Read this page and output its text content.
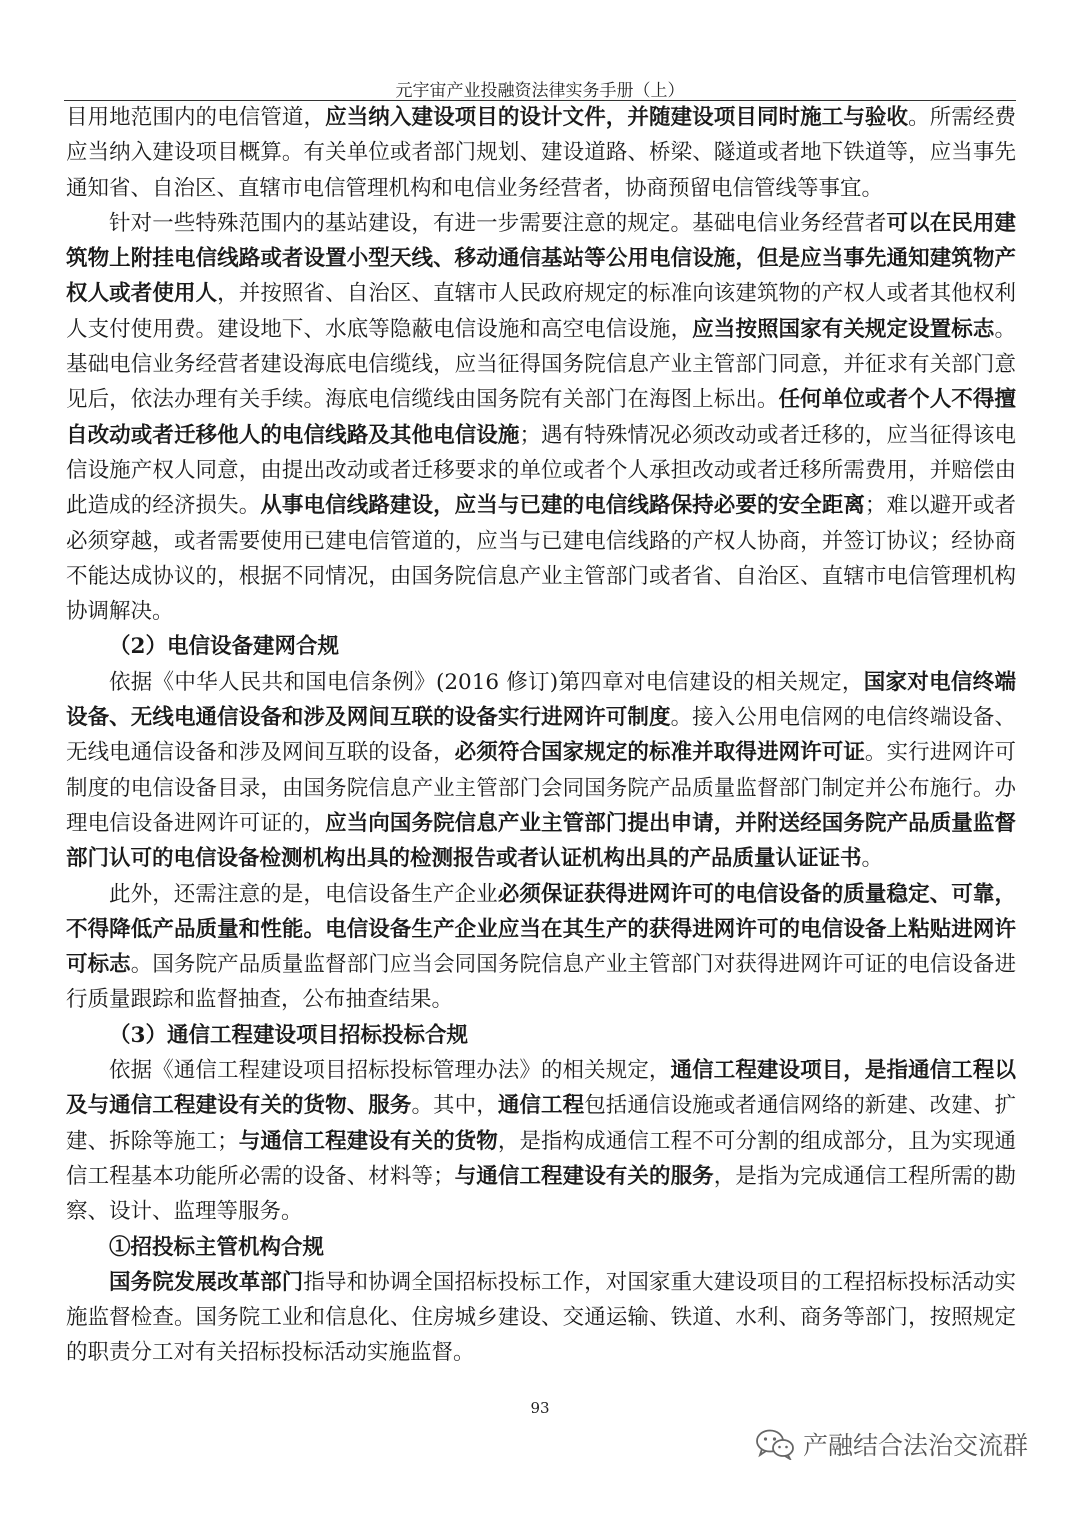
元宇宙产业投融资法律实务手册（上）

目用地范围内的电信管道，应当纳入建设项目的设计文件，并随建设项目同时施工与验收。所需经费应当纳入建设项目概算。有关单位或者部门规划、建设道路、桥梁、隧道或者地下铁道等，应当事先通知省、自治区、直辖市电信管理机构和电信业务经营者，协商预留电信管线等事宜。

针对一些特殊范围内的基站建设，有进一步需要注意的规定。基础电信业务经营者可以在民用建筑物上附挂电信线路或者设置小型天线、移动通信基站等公用电信设施，但是应当事先通知建筑物产权人或者使用人，并按照省、自治区、直辖市人民政府规定的标准向该建筑物的产权人或者其他权利人支付使用费。建设地下、水底等隐蔽电信设施和高空电信设施，应当按照国家有关规定设置标志。基础电信业务经营者建设海底电信缆线，应当征得国务院信息产业主管部门同意，并征求有关部门意见后，依法办理有关手续。海底电信缆线由国务院有关部门在海图上标出。任何单位或者个人不得擅自改动或者迁移他人的电信线路及其他电信设施；遇有特殊情况必须改动或者迁移的，应当征得该电信设施产权人同意，由提出改动或者迁移要求的单位或者个人承担改动或者迁移所需费用，并赔偿由此造成的经济损失。从事电信线路建设，应当与已建的电信线路保持必要的安全距离；难以避开或者必须穿越，或者需要使用已建电信管道的，应当与已建电信线路的产权人协商，并签订协议；经协商不能达成协议的，根据不同情况，由国务院信息产业主管部门或者省、自治区、直辖市电信管理机构协调解决。

（2）电信设备建网合规

依据《中华人民共和国电信条例》(2016 修订)第四章对电信建设的相关规定，国家对电信终端设备、无线电通信设备和涉及网间互联的设备实行进网许可制度。接入公用电信网的电信终端设备、无线电通信设备和涉及网间互联的设备，必须符合国家规定的标准并取得进网许可证。实行进网许可制度的电信设备目录，由国务院信息产业主管部门会同国务院产品质量监督部门制定并公布施行。办理电信设备进网许可证的，应当向国务院信息产业主管部门提出申请，并附送经国务院产品质量监督部门认可的电信设备检测机构出具的检测报告或者认证机构出具的产品质量认证证书。

此外，还需注意的是，电信设备生产企业必须保证获得进网许可的电信设备的质量稳定、可靠，不得降低产品质量和性能。电信设备生产企业应当在其生产的获得进网许可的电信设备上粘贴进网许可标志。国务院产品质量监督部门应当会同国务院信息产业主管部门对获得进网许可证的电信设备进行质量跟踪和监督抽查，公布抽查结果。

（3）通信工程建设项目招标投标合规

依据《通信工程建设项目招标投标管理办法》的相关规定，通信工程建设项目，是指通信工程以及与通信工程建设有关的货物、服务。其中，通信工程包括通信设施或者通信网络的新建、改建、扩建、拆除等施工；与通信工程建设有关的货物，是指构成通信工程不可分割的组成部分，且为实现通信工程基本功能所必需的设备、材料等；与通信工程建设有关的服务，是指为完成通信工程所需的勘察、设计、监理等服务。

①招投标主管机构合规

国务院发展改革部门指导和协调全国招标投标工作，对国家重大建设项目的工程招标投标活动实施监督检查。国务院工业和信息化、住房城乡建设、交通运输、铁道、水利、商务等部门，按照规定的职责分工对有关招标投标活动实施监督。

93
产融结合法治交流群
